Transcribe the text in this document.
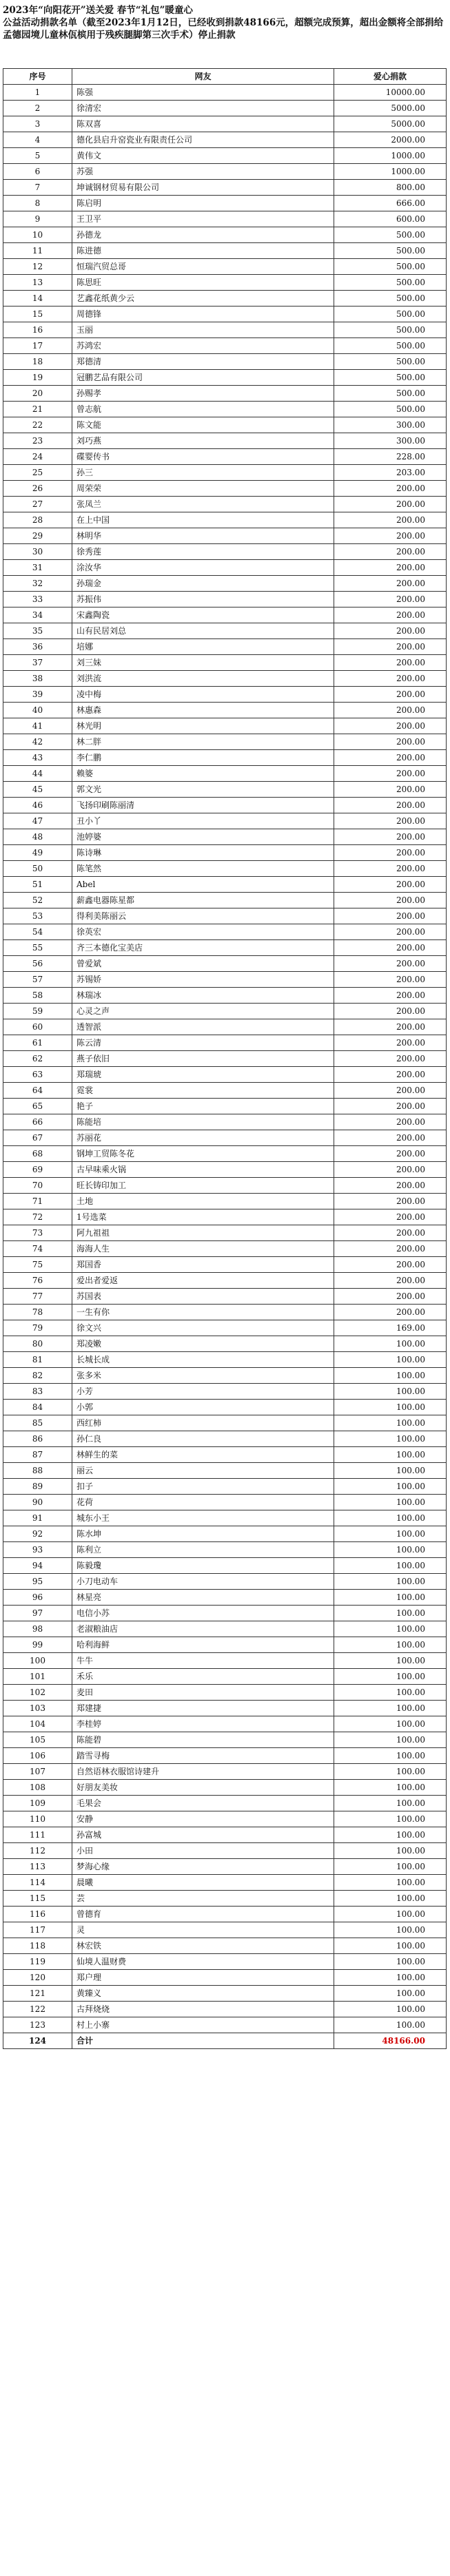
2023年“向阳花开”送关爱 春节“礼包”暖童心
公益活动捐款名单（截至2023年1月12日，已经收到捐款48166元，超额完成预算，超出金额将全部捐给孟德园境儿童林佤槟用于残疾腿脚第三次手术）停止捐款
序号	网友	爱心捐款
1	陈强	10000.00
2	徐清宏	5000.00
3	陈双喜	5000.00
4	德化县启升窑瓷业有限责任公司	2000.00
5	黄伟文	1000.00
6	苏强	1000.00
7	坤诚钢材贸易有限公司	800.00
8	陈启明	666.00
9	王卫平	600.00
10	孙德龙	500.00
11	陈进德	500.00
12	恒瑞汽贸总哥	500.00
13	陈思旺	500.00
14	艺鑫花纸黄少云	500.00
15	周德锋	500.00
16	玉丽	500.00
17	苏鸿宏	500.00
18	郑德清	500.00
19	冠鹏艺品有限公司	500.00
20	孙赐孝	500.00
21	曾志航	500.00
22	陈文能	300.00
23	刘巧燕	300.00
24	碟婴传书	228.00
25	孙三	203.00
26	周荣荣	200.00
27	张凤兰	200.00
28	在上中国	200.00
29	林明华	200.00
30	徐秀莲	200.00
31	涂汝华	200.00
32	孙瑞金	200.00
33	苏振伟	200.00
34	宋鑫陶瓷	200.00
35	山有民居刘总	200.00
36	培娜	200.00
37	刘三妹	200.00
38	刘洪流	200.00
39	凌中梅	200.00
40	林惠森	200.00
41	林光明	200.00
42	林二胖	200.00
43	李仁鹏	200.00
44	赖婆	200.00
45	郭文光	200.00
46	飞扬印刷陈丽清	200.00
47	丑小丫	200.00
48	池婷婆	200.00
49	陈诗琳	200.00
50	陈笔然	200.00
51	Abel	200.00
52	薪鑫电器陈星都	200.00
53	得利美陈丽云	200.00
54	徐英宏	200.00
55	齐三本德化宝美店	200.00
56	曾爱斌	200.00
57	苏锡娇	200.00
58	林瑞冰	200.00
59	心灵之声	200.00
60	透智派	200.00
61	陈云清	200.00
62	燕子依旧	200.00
63	郑瑞琥	200.00
64	霓裳	200.00
65	艳子	200.00
66	陈能培	200.00
67	苏丽花	200.00
68	钢坤工贸陈冬花	200.00
69	古早味乘火锅	200.00
70	旺长铸印加工	200.00
71	土地	200.00
72	1号选菜	200.00
73	阿九祖祖	200.00
74	海海人生	200.00
75	郑国香	200.00
76	爱出者爱返	200.00
77	苏国表	200.00
78	一生有你	200.00
79	徐文兴	169.00
80	郑凌嫩	100.00
81	长城长成	100.00
82	张多米	100.00
83	小芳	100.00
84	小郭	100.00
85	西红柿	100.00
86	孙仁良	100.00
87	林鲜生的菜	100.00
88	丽云	100.00
89	扣子	100.00
90	花荷	100.00
91	城东小王	100.00
92	陈水坤	100.00
93	陈利立	100.00
94	陈毅瓊	100.00
95	小刀电动车	100.00
96	林星亮	100.00
97	电信小苏	100.00
98	老淑粮油店	100.00
99	哈利海鲜	100.00
100	牛牛	100.00
101	禾乐	100.00
102	麦田	100.00
103	郑建捷	100.00
104	李桂婷	100.00
105	陈能碧	100.00
106	踏雪寻梅	100.00
107	自然语林衣服馆诗建升	100.00
108	好朋友美妆	100.00
109	毛果会	100.00
110	安静	100.00
111	孙富城	100.00
112	小田	100.00
113	梦海心缘	100.00
114	晨曦	100.00
115	芸	100.00
116	曾德育	100.00
117	灵	100.00
118	林宏铁	100.00
119	仙境人温财费	100.00
120	郑户理	100.00
121	黄臻义	100.00
122	古拜烧烧	100.00
123	村上小寨	100.00
124	合计	48166.00
